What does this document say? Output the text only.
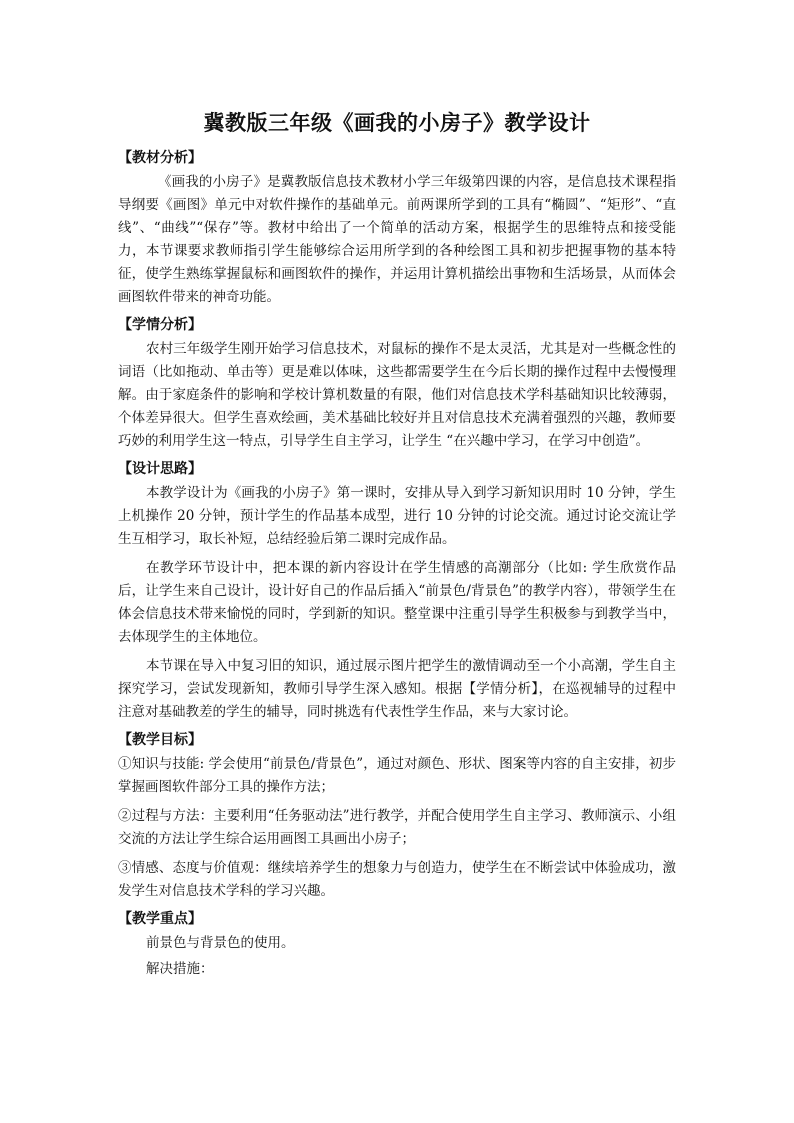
冀教版三年级《画我的小房子》教学设计
【教材分析】

《画我的小房子》是冀教版信息技术教材小学三年级第四课的内容，是信息技术课程指导纲要《画图》单元中对软件操作的基础单元。前两课所学到的工具有“椭圆”、“矩形”、“直线”、“曲线”“保存”等。教材中给出了一个简单的活动方案，根据学生的思维特点和接受能力，本节课要求教师指引学生能够综合运用所学到的各种绘图工具和初步把握事物的基本特征，使学生熟练掌握鼠标和画图软件的操作，并运用计算机描绘出事物和生活场景，从而体会画图软件带来的神奇功能。

【学情分析】

农村三年级学生刚开始学习信息技术，对鼠标的操作不是太灵活，尤其是对一些概念性的词语（比如拖动、单击等）更是难以体味，这些都需要学生在今后长期的操作过程中去慢慢理解。由于家庭条件的影响和学校计算机数量的有限，他们对信息技术学科基础知识比较薄弱，个体差异很大。但学生喜欢绘画，美术基础比较好并且对信息技术充满着强烈的兴趣，教师要巧妙的利用学生这一特点，引导学生自主学习，让学生 “在兴趣中学习，在学习中创造”。

【设计思路】

本教学设计为《画我的小房子》第一课时，安排从导入到学习新知识用时 10 分钟，学生上机操作 20 分钟，预计学生的作品基本成型，进行 10 分钟的讨论交流。通过讨论交流让学生互相学习，取长补短，总结经验后第二课时完成作品。

在教学环节设计中，把本课的新内容设计在学生情感的高潮部分（比如: 学生欣赏作品后，让学生来自己设计，设计好自己的作品后插入“前景色/背景色”的教学内容），带领学生在体会信息技术带来愉悦的同时，学到新的知识。整堂课中注重引导学生积极参与到教学当中，去体现学生的主体地位。

本节课在导入中复习旧的知识，通过展示图片把学生的激情调动至一个小高潮，学生自主探究学习，尝试发现新知，教师引导学生深入感知。根据【学情分析】，在巡视辅导的过程中注意对基础教差的学生的辅导，同时挑选有代表性学生作品，来与大家讨论。

【教学目标】

①知识与技能: 学会使用“前景色/背景色”，通过对颜色、形状、图案等内容的自主安排，初步掌握画图软件部分工具的操作方法；

②过程与方法：主要利用“任务驱动法”进行教学，并配合使用学生自主学习、教师演示、小组交流的方法让学生综合运用画图工具画出小房子；

③情感、态度与价值观：继续培养学生的想象力与创造力，使学生在不断尝试中体验成功，激发学生对信息技术学科的学习兴趣。

【教学重点】

前景色与背景色的使用。

解决措施：
